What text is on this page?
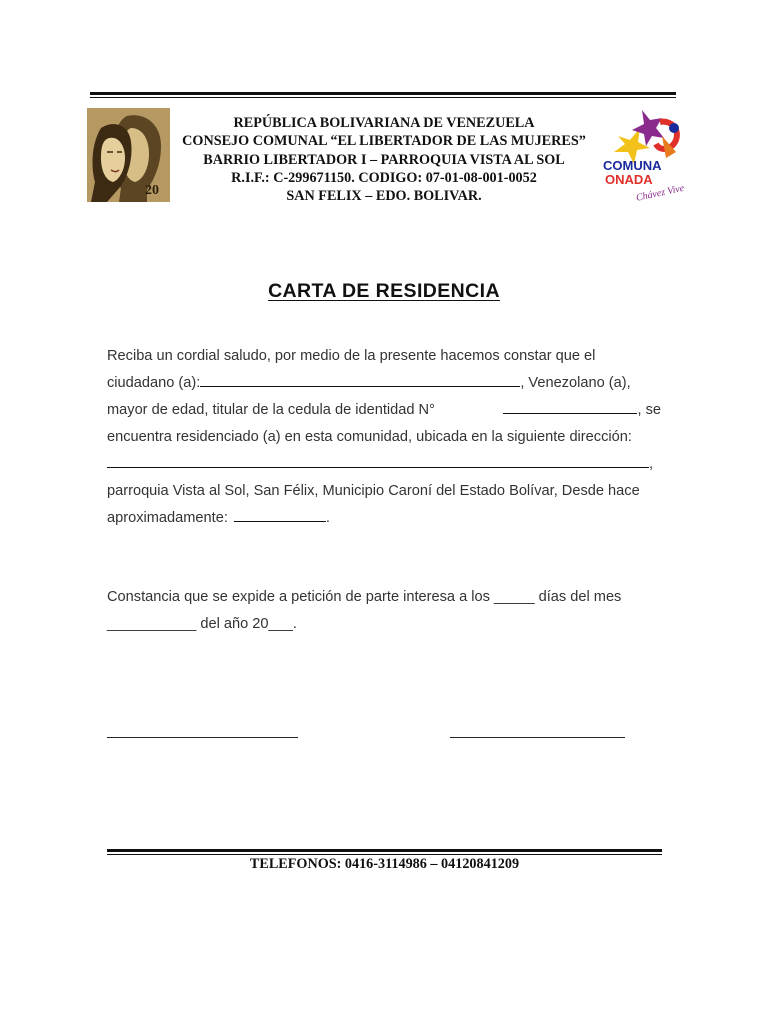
20
REPÚBLICA BOLIVARIANA DE VENEZUELA
CONSEJO COMUNAL “EL LIBERTADOR DE LAS MUJERES”
BARRIO LIBERTADOR I – PARROQUIA VISTA AL SOL
R.I.F.: C-299671150. CODIGO: 07-01-08-001-0052
SAN FELIX – EDO. BOLIVAR.
COMUNA
ONADA
Chávez Vive
CARTA DE RESIDENCIA
Reciba un cordial saludo, por medio de la presente hacemos constar que el
ciudadano (a):	, Venezolano (a),
mayor de edad, titular de la cedula de identidad N°	, se
encuentra residenciado (a) en esta comunidad, ubicada en la siguiente dirección:
,
parroquia Vista al Sol, San Félix, Municipio Caroní del Estado Bolívar, Desde hace
aproximadamente:	.
Constancia que se expide a petición de parte interesa a los _____ días del mes
___________ del año 20___.
TELEFONOS: 0416-3114986 – 04120841209
